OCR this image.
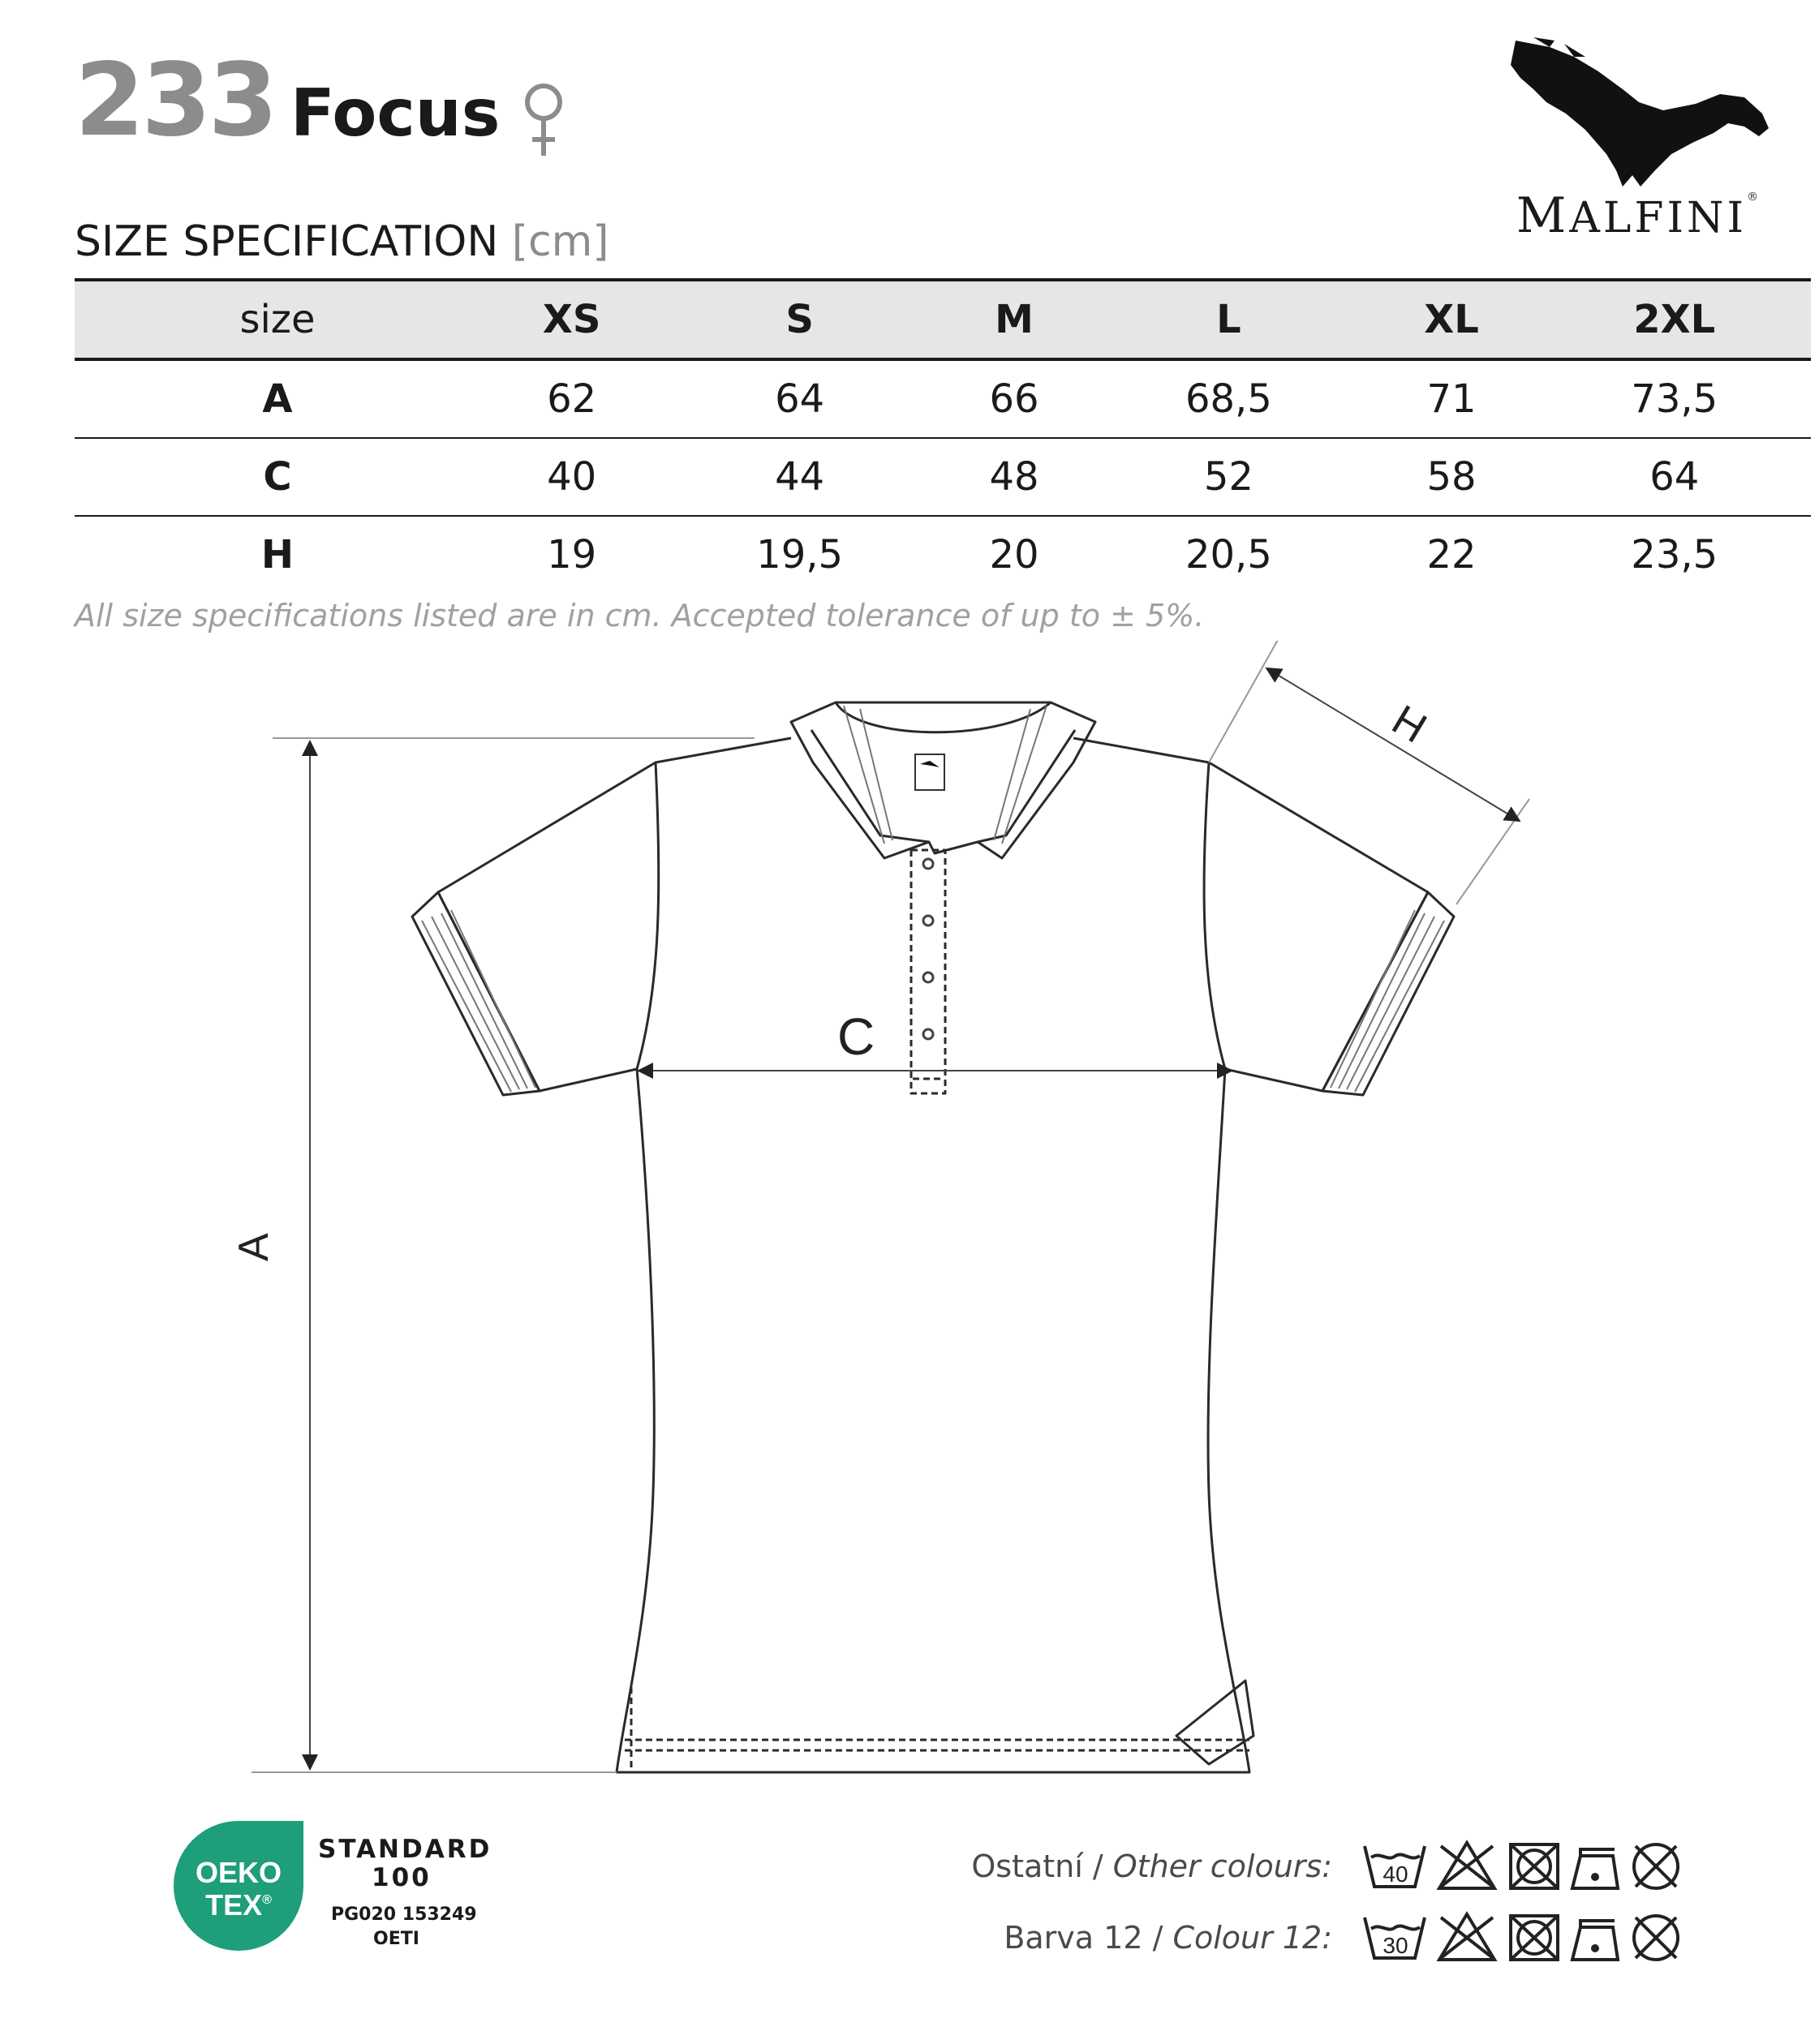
233 Focus
MALFINI®
SIZE SPECIFICATION [cm]
size	XS	S	M	L	XL	2XL
A	62	64	66	68,5	71	73,5
C	40	44	48	52	58	64
H	19	19,5	20	20,5	22	23,5
All size specifications listed are in cm. Accepted tolerance of up to ± 5%.
A
C
H
OEKO
TEX®
STANDARD
100
PG020 153249
OETI
Ostatní / Other colours: 40
Barva 12 / Colour 12: 30
